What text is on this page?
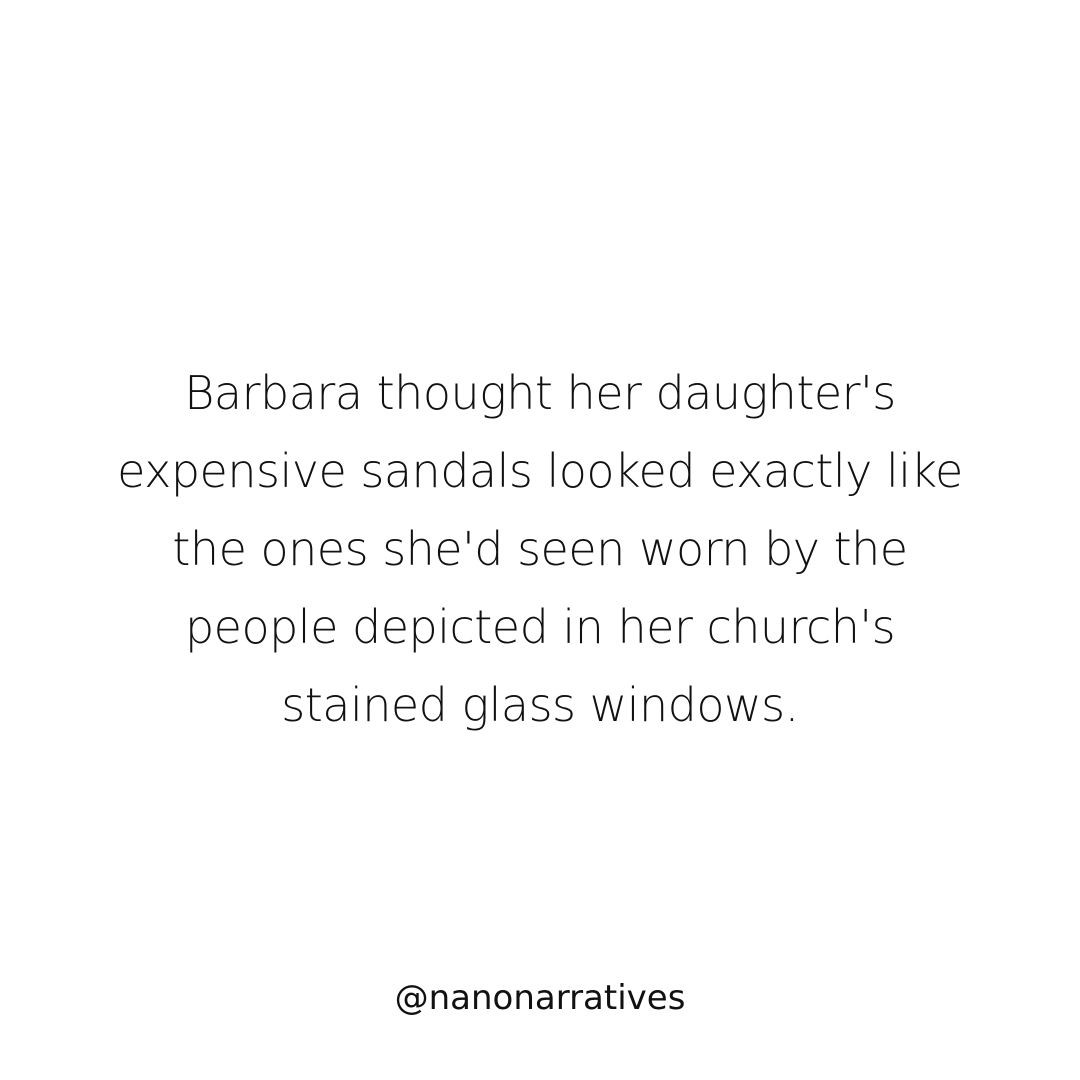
Barbara thought her daughter's
expensive sandals looked exactly like
the ones she'd seen worn by the
people depicted in her church's
stained glass windows.
@nanonarratives
